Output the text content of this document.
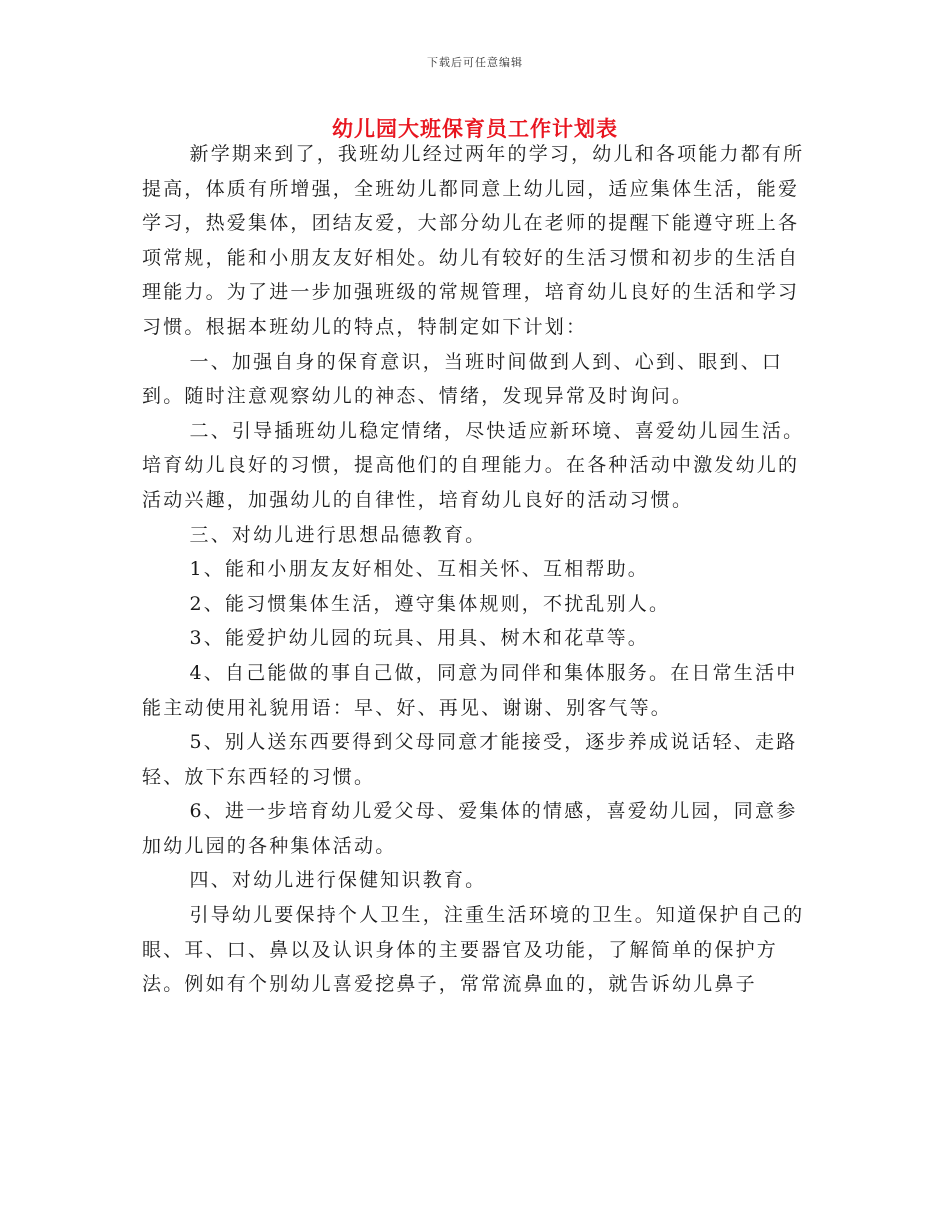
下载后可任意编辑
幼儿园大班保育员工作计划表

新学期来到了，我班幼儿经过两年的学习，幼儿和各项能力都有所提高，体质有所增强，全班幼儿都同意上幼儿园，适应集体生活，能爱学习，热爱集体，团结友爱，大部分幼儿在老师的提醒下能遵守班上各项常规，能和小朋友友好相处。幼儿有较好的生活习惯和初步的生活自理能力。为了进一步加强班级的常规管理，培育幼儿良好的生活和学习习惯。根据本班幼儿的特点，特制定如下计划：

一、加强自身的保育意识，当班时间做到人到、心到、眼到、口到。随时注意观察幼儿的神态、情绪，发现异常及时询问。

二、引导插班幼儿稳定情绪，尽快适应新环境、喜爱幼儿园生活。培育幼儿良好的习惯，提高他们的自理能力。在各种活动中激发幼儿的活动兴趣，加强幼儿的自律性，培育幼儿良好的活动习惯。

三、对幼儿进行思想品德教育。

1、能和小朋友友好相处、互相关怀、互相帮助。

2、能习惯集体生活，遵守集体规则，不扰乱别人。

3、能爱护幼儿园的玩具、用具、树木和花草等。

4、自己能做的事自己做，同意为同伴和集体服务。在日常生活中能主动使用礼貌用语：早、好、再见、谢谢、别客气等。

5、别人送东西要得到父母同意才能接受，逐步养成说话轻、走路轻、放下东西轻的习惯。

6、进一步培育幼儿爱父母、爱集体的情感，喜爱幼儿园，同意参加幼儿园的各种集体活动。

四、对幼儿进行保健知识教育。

引导幼儿要保持个人卫生，注重生活环境的卫生。知道保护自己的眼、耳、口、鼻以及认识身体的主要器官及功能，了解简单的保护方法。例如有个别幼儿喜爱挖鼻子，常常流鼻血的，就告诉幼儿鼻子
